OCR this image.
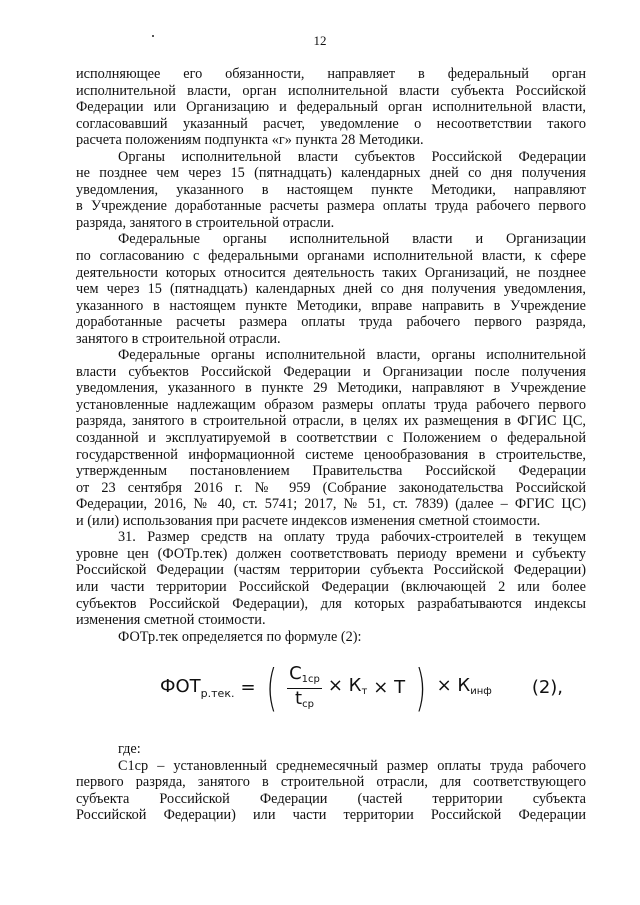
12
исполняющее его обязанности, направляет в федеральный орган
исполнительной власти, орган исполнительной власти субъекта Российской
Федерации или Организацию и федеральный орган исполнительной власти,
согласовавший указанный расчет, уведомление о несоответствии такого
расчета положениям подпункта «г» пункта 28 Методики.
Органы исполнительной власти субъектов Российской Федерации
не позднее чем через 15 (пятнадцать) календарных дней со дня получения
уведомления, указанного в настоящем пункте Методики, направляют
в Учреждение доработанные расчеты размера оплаты труда рабочего первого
разряда, занятого в строительной отрасли.
Федеральные органы исполнительной власти и Организации
по согласованию с федеральными органами исполнительной власти, к сфере
деятельности которых относится деятельность таких Организаций, не позднее
чем через 15 (пятнадцать) календарных дней со дня получения уведомления,
указанного в настоящем пункте Методики, вправе направить в Учреждение
доработанные расчеты размера оплаты труда рабочего первого разряда,
занятого в строительной отрасли.
Федеральные органы исполнительной власти, органы исполнительной
власти субъектов Российской Федерации и Организации после получения
уведомления, указанного в пункте 29 Методики, направляют в Учреждение
установленные надлежащим образом размеры оплаты труда рабочего первого
разряда, занятого в строительной отрасли, в целях их размещения в ФГИС ЦС,
созданной и эксплуатируемой в соответствии с Положением о федеральной
государственной информационной системе ценообразования в строительстве,
утвержденным постановлением Правительства Российской Федерации
от 23 сентября 2016 г. № 959 (Собрание законодательства Российской
Федерации, 2016, № 40, ст. 5741; 2017, № 51, ст. 7839) (далее – ФГИС ЦС)
и (или) использования при расчете индексов изменения сметной стоимости.
31. Размер средств на оплату труда рабочих-строителей в текущем
уровне цен (ФОТр.тек) должен соответствовать периоду времени и субъекту
Российской Федерации (частям территории субъекта Российской Федерации)
или части территории Российской Федерации (включающей 2 или более
субъектов Российской Федерации), для которых разрабатываются индексы
изменения сметной стоимости.
ФОТр.тек определяется по формуле (2):
$ФОТ_{р.тек.}$ = ( $\frac{С1ср}{\text{tср}}$ × Кт × Т ) × Кинф (2),
где:
С1ср – установленный среднемесячный размер оплаты труда рабочего
первого разряда, занятого в строительной отрасли, для соответствующего
субъекта Российской Федерации (частей территории субъекта
Российской Федерации) или части территории Российской Федерации
